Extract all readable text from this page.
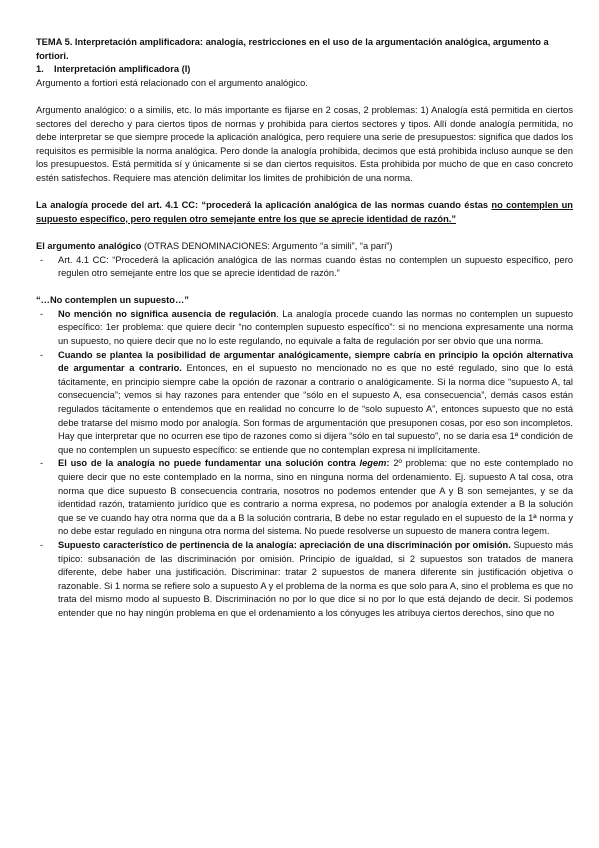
TEMA 5. Interpretación amplificadora: analogía, restricciones en el uso de la argumentación analógica, argumento a fortiori.

1. Interpretación amplificadora (I)

Argumento a fortiori está relacionado con el argumento analógico.

Argumento analógico: o a similis, etc. lo más importante es fijarse en 2 cosas, 2 problemas: 1) Analogía está permitida en ciertos sectores del derecho y para ciertos tipos de normas y prohibida para ciertos sectores y tipos. Allí donde analogía permitida, no debe interpretar se que siempre procede la aplicación analógica, pero requiere una serie de presupuestos: significa que dados los requisitos es permisible la norma analógica. Pero donde la analogía prohibida, decimos que está prohibida incluso aunque se den los presupuestos. Está permitida sí y únicamente si se dan ciertos requisitos. Esta prohibida por mucho de que en caso concreto estén satisfechos. Requiere mas atención delimitar los limites de prohibición de una norma.

La analogía procede del art. 4.1 CC: “procederá la aplicación analógica de las normas cuando éstas no contemplen un supuesto específico, pero regulen otro semejante entre los que se aprecie identidad de razón.”

El argumento analógico (OTRAS DENOMINACIONES: Argumento “a simili”, “a pari”)

- Art. 4.1 CC: “Procederá la aplicación analógica de las normas cuando éstas no contemplen un supuesto específico, pero regulen otro semejante entre los que se aprecie identidad de razón.”

“…No contemplen un supuesto…”

- No mención no significa ausencia de regulación. La analogía procede cuando las normas no contemplen un supuesto específico: 1er problema: que quiere decir “no contemplen supuesto específico”: si no menciona expresamente una norma un supuesto, no quiere decir que no lo este regulando, no equivale a falta de regulación por ser obvio que una norma.
- Cuando se plantea la posibilidad de argumentar analógicamente, siempre cabría en principio la opción alternativa de argumentar a contrario. Entonces, en el supuesto no mencionado no es que no esté regulado, sino que lo está tácitamente, en principio siempre cabe la opción de razonar a contrario o analógicamente. Si la norma dice “supuesto A, tal consecuencia”; vemos si hay razones para entender que “sólo en el supuesto A, esa consecuencia”, demás casos están regulados tácitamente o entendemos que en realidad no concurre lo de “solo supuesto A”, entonces supuesto que no está debe tratarse del mismo modo por analogía. Son formas de argumentación que presuponen cosas, por eso son incompletos. Hay que interpretar que no ocurren ese tipo de razones como si dijera “sólo en tal supuesto”, no se daria esa 1ª condición de que no contemplen un supuesto específico: se entiende que no contemplan expresa ni implícitamente.
- El uso de la analogía no puede fundamentar una solución contra legem: 2º problema: que no este contemplado no quiere decir que no este contemplado en la norma, sino en ninguna norma del ordenamiento. Ej. supuesto A tal cosa, otra norma que dice supuesto B consecuencia contraria, nosotros no podemos entender que A y B son semejantes, y se da identidad razón, tratamiento jurídico que es contrario a norma expresa, no podemos por analogía extender a B la solución que se ve cuando hay otra norma que da a B la solución contraria, B debe no estar regulado en el supuesto de la 1ª norma y no debe estar regulado en ninguna otra norma del sistema. No puede resolverse un supuesto de manera contra legem.
- Supuesto característico de pertinencia de la analogía: apreciación de una discriminación por omisión. Supuesto más típico: subsanación de las discriminación por omisión. Principio de igualdad, si 2 supuestos son tratados de manera diferente, debe haber una justificación. Discriminar: tratar 2 supuestos de manera diferente sin justificación objetiva o razonable. Si 1 norma se refiere solo a supuesto A y el problema de la norma es que solo para A, sino el problema es que no trata del mismo modo al supuesto B. Discriminación no por lo que dice si no por lo que está dejando de decir. Si podemos entender que no hay ningún problema en que el ordenamiento a los cónyuges les atribuya ciertos derechos, sino que no
